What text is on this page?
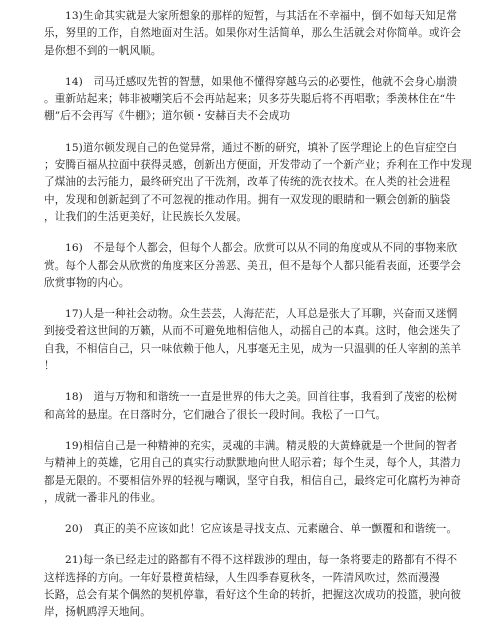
13)生命其实就是大家所想象的那样的短暂，与其活在不幸福中，倒不如每天知足常
乐，努里的工作，自然地面对生活。如果你对生活简单，那么生活就会对你简单。或许会
是你想不到的一帆风顺。
14)　司马迁感叹先哲的智慧，如果他不懂得穿越乌云的必要性，他就不会身心崩溃
。重新站起来；韩非被嘲笑后不会再站起来；贝多芬失聪后将不再唱歌；季羡林住在“牛
棚”后不会再写《牛棚》；道尔顿・安赫百夫不会成功
15)道尔顿发现自己的色觉异常，通过不断的研究，填补了医学理论上的色盲症空白
；安腾百福从拉面中获得灵感，创新出方便面，开发带动了一个新产业；乔利在工作中发现
了煤油的去污能力，最终研究出了干洗剂，改革了传统的洗衣技术。在人类的社会进程
中，发现和创新起到了不可忽视的推动作用。拥有一双发现的眼睛和一颗会创新的脑袋
，让我们的生活更美好，让民族长久发展。
16)　不是每个人都会，但每个人都会。欣赏可以从不同的角度或从不同的事物来欣
赏。每个人都会从欣赏的角度来区分善恶、美丑，但不是每个人都只能看表面，还要学会
欣赏事物的内心。
17)人是一种社会动物。众生芸芸，人海茫茫，人耳总是张大了耳聊，兴奋而又迷惘
到接受着这世间的万籁，从而不可避免地相信他人，动摇自己的本真。这时，他会迷失了
自我，不相信自己，只一味依赖于他人，凡事毫无主见，成为一只温驯的任人宰割的羔羊
！
18)　道与万物和和谐统一一直是世界的伟大之美。回首往事，我看到了茂密的松树
和高耸的悬崖。在日落时分，它们融合了很长一段时间。我松了一口气。
19)相信自己是一种精神的充实，灵魂的丰满。精灵般的大黄蜂就是一个世间的智者
与精神上的英雄，它用自己的真实行动默默地向世人昭示着；每个生灵，每个人，其潜力
都是无限的。不要相信外界的轻视与嘲讽，坚守自我，相信自己，最终定可化腐朽为神奇
，成就一番非凡的伟业。
20)　真正的美不应该如此！它应该是寻找支点、元素融合、单一颤覆和和谐统一。
21)每一条已经走过的路都有不得不这样跋涉的理由，每一条将要走的路都有不得不
这样选择的方向。一年好景橙黄桔绿，人生四季春夏秋冬，一阵清风吹过，然而漫漫
长路，总会有某个偶然的契机停靠，看好这个生命的转折，把握这次成功的投篮，驶向彼
岸，扬帆鸥浮天地间。
